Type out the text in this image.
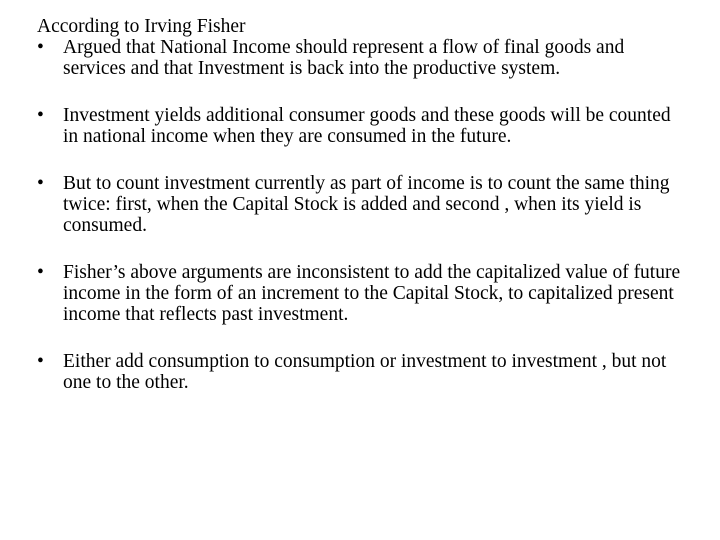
According to Irving Fisher

• Argued that National Income should represent a flow of final goods and services and that Investment is back into the productive system.
• Investment yields additional consumer goods and these goods will be counted in national income when they are consumed in the future.
• But to count investment currently as part of income is to count the same thing twice: first, when the Capital Stock is added and second , when its yield is consumed.
• Fisher’s above arguments are inconsistent to add the capitalized value of future income in the form of an increment to the Capital Stock, to capitalized present income that reflects past investment.
• Either add consumption to consumption or investment to investment , but not one to the other.
